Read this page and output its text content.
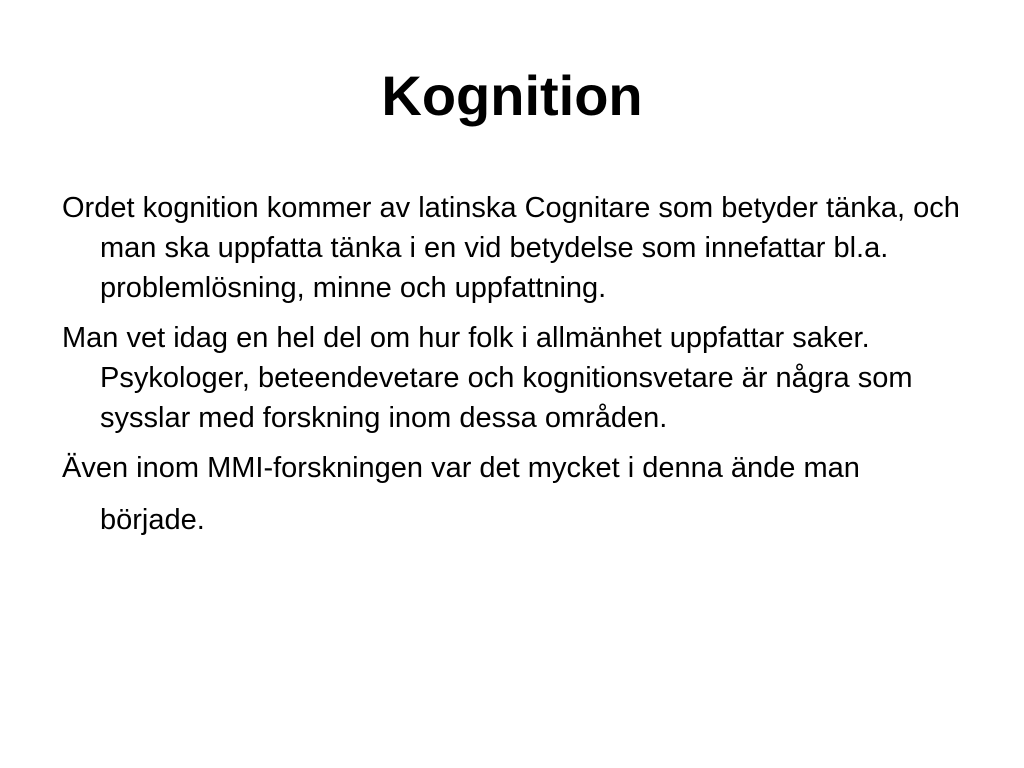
Kognition
Ordet kognition kommer av latinska Cognitare som betyder tänka, och man ska uppfatta tänka i en vid betydelse som innefattar bl.a. problemlösning, minne och uppfattning.
Man vet idag en hel del om hur folk i allmänhet uppfattar saker. Psykologer, beteendevetare och kognitionsvetare är några som sysslar med forskning inom dessa områden.
Även inom MMI-forskningen var det mycket i denna ände man började.
